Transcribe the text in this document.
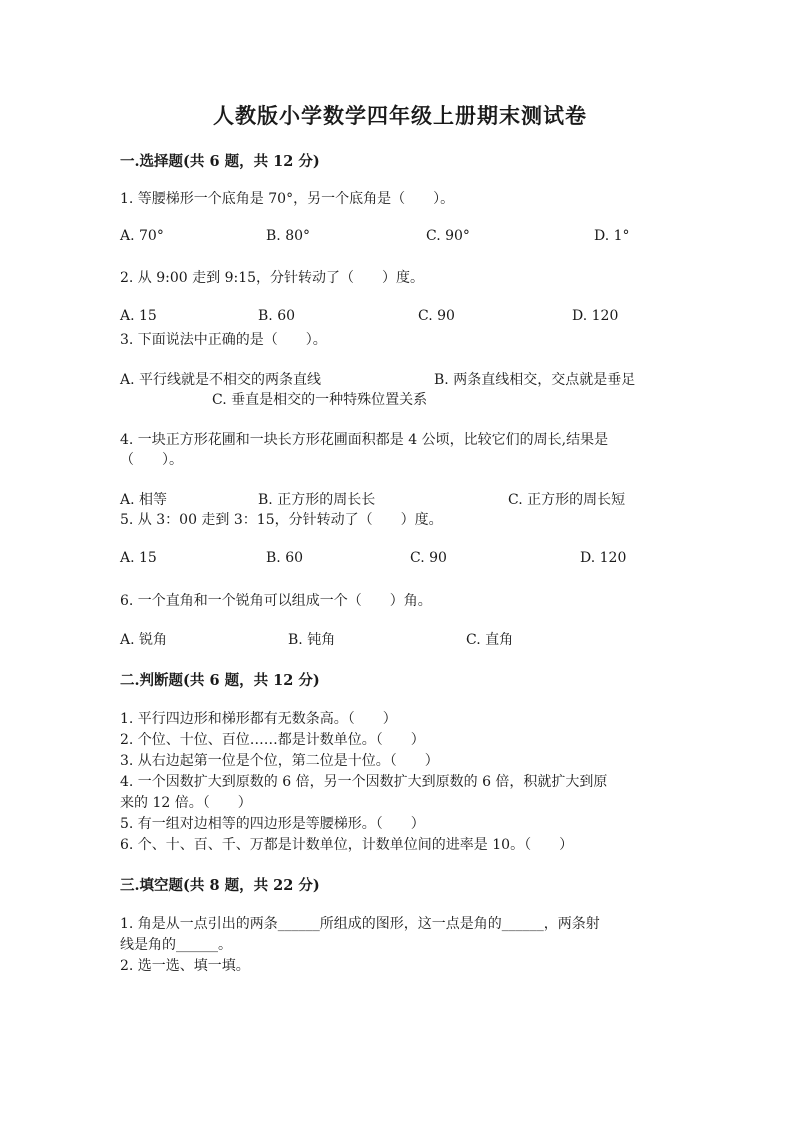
人教版小学数学四年级上册期末测试卷
一.选择题(共 6 题，共 12 分)
1. 等腰梯形一个底角是 70°，另一个底角是（　　）。
A. 70°	B. 80°	C. 90°	D. 1°
2. 从 9:00 走到 9:15，分针转动了（　　）度。
A. 15	B. 60	C. 90	D. 120
3. 下面说法中正确的是（　　）。
A. 平行线就是不相交的两条直线	B. 两条直线相交，交点就是垂足
C. 垂直是相交的一种特殊位置关系
4. 一块正方形花圃和一块长方形花圃面积都是 4 公顷，比较它们的周长,结果是
（　　）。
A. 相等	B. 正方形的周长长	C. 正方形的周长短
5. 从 3：00 走到 3：15，分针转动了（　　）度。
A. 15	B. 60	C. 90	D. 120
6. 一个直角和一个锐角可以组成一个（　　）角。
A. 锐角	B. 钝角	C. 直角
二.判断题(共 6 题，共 12 分)
1. 平行四边形和梯形都有无数条高。（　　）
2. 个位、十位、百位……都是计数单位。（　　）
3. 从右边起第一位是个位，第二位是十位。（　　）
4. 一个因数扩大到原数的 6 倍，另一个因数扩大到原数的 6 倍，积就扩大到原
来的 12 倍。（　　）
5. 有一组对边相等的四边形是等腰梯形。（　　）
6. 个、十、百、千、万都是计数单位，计数单位间的进率是 10。（　　）
三.填空题(共 8 题，共 22 分)
1. 角是从一点引出的两条______所组成的图形，这一点是角的______，两条射
线是角的______。
2. 选一选、填一填。
